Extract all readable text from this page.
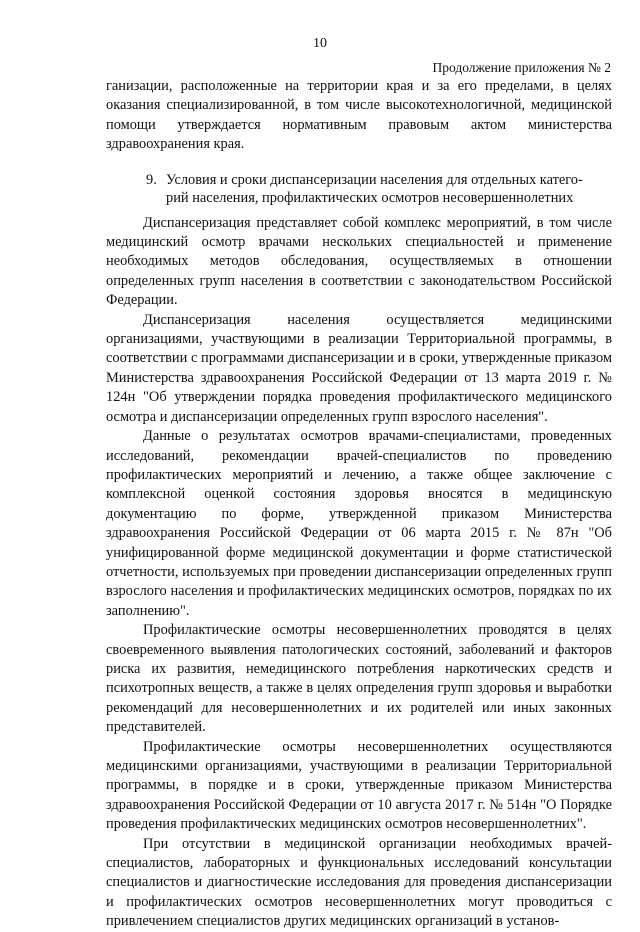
10
Продолжение приложения № 2

ганизации, расположенные на территории края и за его пределами, в целях оказания специализированной, в том числе высокотехнологичной, медицинской помощи утверждается нормативным правовым актом министерства здравоохранения края.

9. Условия и сроки диспансеризации населения для отдельных катего-
рий населения, профилактических осмотров несовершеннолетних

Диспансеризация представляет собой комплекс мероприятий, в том числе медицинский осмотр врачами нескольких специальностей и применение необходимых методов обследования, осуществляемых в отношении определенных групп населения в соответствии с законодательством Российской Федерации.

Диспансеризация населения осуществляется медицинскими организациями, участвующими в реализации Территориальной программы, в соответствии с программами диспансеризации и в сроки, утвержденные приказом Министерства здравоохранения Российской Федерации от 13 марта 2019 г. № 124н "Об утверждении порядка проведения профилактического медицинского осмотра и диспансеризации определенных групп взрослого населения".

Данные о результатах осмотров врачами-специалистами, проведенных исследований, рекомендации врачей-специалистов по проведению профилактических мероприятий и лечению, а также общее заключение с комплексной оценкой состояния здоровья вносятся в медицинскую документацию по форме, утвержденной приказом Министерства здравоохранения Российской Федерации от 06 марта 2015 г. № 87н "Об унифицированной форме медицинской документации и форме статистической отчетности, используемых при проведении диспансеризации определенных групп взрослого населения и профилактических медицинских осмотров, порядках по их заполнению".

Профилактические осмотры несовершеннолетних проводятся в целях своевременного выявления патологических состояний, заболеваний и факторов риска их развития, немедицинского потребления наркотических средств и психотропных веществ, а также в целях определения групп здоровья и выработки рекомендаций для несовершеннолетних и их родителей или иных законных представителей.

Профилактические осмотры несовершеннолетних осуществляются медицинскими организациями, участвующими в реализации Территориальной программы, в порядке и в сроки, утвержденные приказом Министерства здравоохранения Российской Федерации от 10 августа 2017 г. № 514н "О Порядке проведения профилактических медицинских осмотров несовершеннолетних".

При отсутствии в медицинской организации необходимых врачей-специалистов, лабораторных и функциональных исследований консультации специалистов и диагностические исследования для проведения диспансеризации и профилактических осмотров несовершеннолетних могут проводиться с привлечением специалистов других медицинских организаций в установ-
